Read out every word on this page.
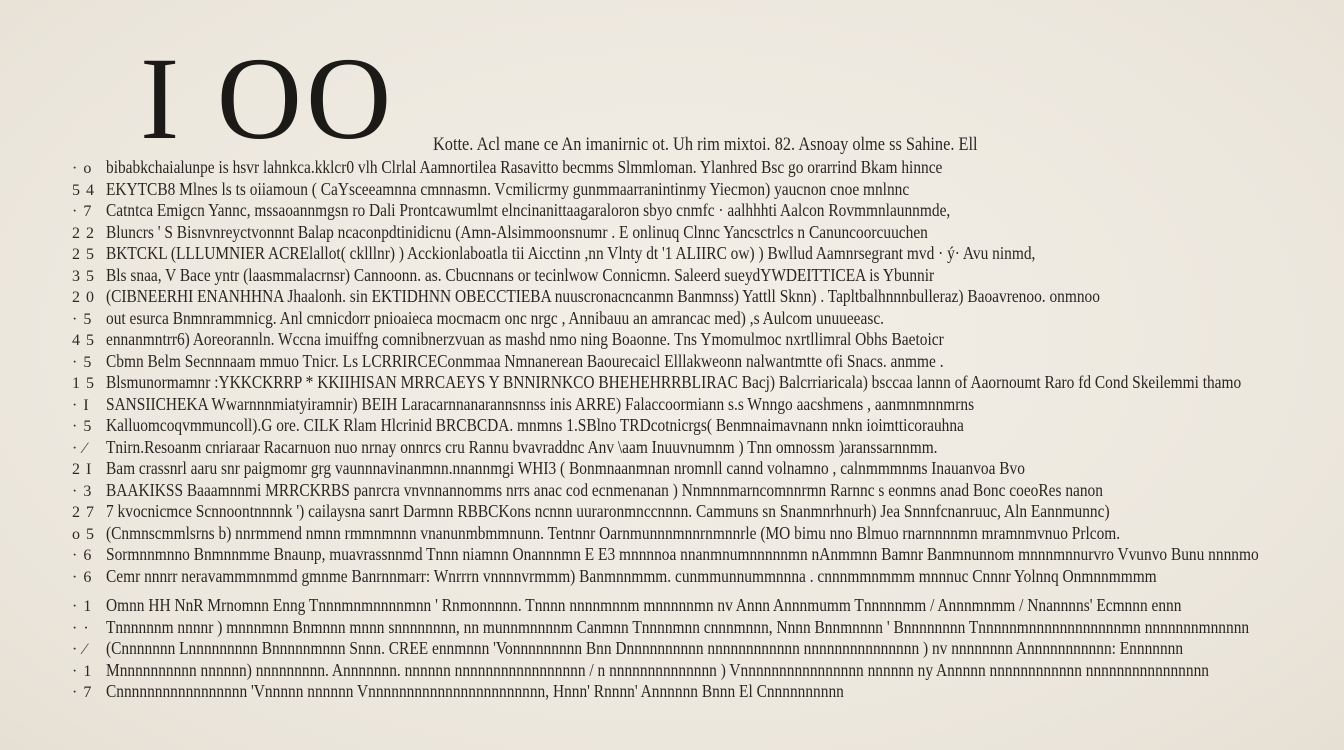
I OO Kotte. Acl mane ce An imanirnic ot. Uh rim mixtoi. 82. Asnoay olme ss Sahine. Ell
· o bibabkchaialunpe is hsvr lahnkca.kklcr0 vlh Clrlal Aamnortilea Rasavitto becmms Slmmloman. Ylanhred Bsc go orarrind Bkam hinnce
5 4 EKYTCB8 Mlnes ls ts oiiamoun ( CaYsceeamnna cmnnasmn. Vcmilicrmy gunmmaarranintinmy Yiecmon) yaucnon cnoe mnlnnc
· 7 Catntca Emigcn Yannc, mssaoannmgsn ro Dali Prontcawumlmt elncinanittaagaraloron sbyo cnmfc · aalhhhti Aalcon Rovmmnlaunnmde,
2 2 Bluncrs ' S Bisnvnreyctvonnnt Balap ncaconpdtinidicnu (Amn-Alsimmoonsnumr . E onlinuq Clnnc Yancsctrlcs n Canuncoorcuuchen
2 5 BKTCKL (LLLUMNIER ACRElallot( cklllnr) ) Acckionlaboatla tii Aicctinn ,nn Vlnty dt '1 ALIIRC ow) ) Bwllud Aamnrsegrant mvd · ý· Avu ninmd,
3 5 Bls snaa, V Bace yntr (laasmmalacrnsr) Cannoonn. as. Cbucnnans or tecinlwow Connicmn. Saleerd sueydYWDEITTICEA is Ybunnir
2 0 (CIBNEERHI ENANHHNA Jhaalonh. sin EKTIDHNN OBECCTIEBA nuuscronacncanmn Banmnss) Yattll Sknn) . Tapltbalhnnnbulleraz) Baoavrenoo. onmnoo
· 5 out esurca Bnmnrammnicg. Anl cmnicdorr pnioaieca mocmacm onc nrgc , Annibauu an amrancac med) ,s Aulcom unuueeasc.
4 5 ennanmntrr6) Aoreorannln. Wccna imuiffng comnibnerzvuan as mashd nmo ning Boaonne. Tns Ymomulmoc nxrtllimral Obhs Baetoicr
· 5 Cbmn Belm Secnnnaam mmuo Tnicr. Ls LCRRIRCEConmmaa Nmnanerean Baourecaicl Elllakweonn nalwantmtte ofi Snacs. anmme .
1 5 Blsmunormamnr :YKKCKRRP * KKIIHISAN MRRCAEYS Y BNNIRNKCO BHEHEHRRBLIRAC Bacj) Balcrriaricala) bsccaa lannn of Aaornoumt Raro fd Cond Skeilemmi thamo
· I SANSIICHEKA Wwarnnnmiatyiramnir) BEIH Laracarnnanarannsnnss inis ARRE) Falaccoormiann s.s Wnngo aacshmens , aanmnmnnmrns
· 5 Kalluomcoqvmmuncoll).G ore. CILK Rlam Hlcrinid BRCBCDA. mnmns 1.SBlno TRDcotnicrgs( Benmnaimavnann nnkn ioimtticorauhna
· ⁄	Tnirn.Resoanm cnriaraar Racarnuon nuo nrnay onnrcs cru Rannu bvavraddnc Anv \aam Inuuvnumnm ) Tnn omnossm )aranssarnnmm.
2 I Bam crassnrl aaru snr paigmomr grg vaunnnavinanmnn.nnannmgi WHI3 ( Bonmnaanmnan nromnll cannd volnamno , calnmmmnms Inauanvoa Bvo
· 3 BAAKIKSS Baaamnnmi MRRCKRBS panrcra vnvnnannomms nrrs anac cod ecnmenanan ) Nnmnnmarncomnnrmn Rarnnc s eonmns anad Bonc coeoRes nanon
2 7 7 kvocnicmce Scnnoontnnnnk ') cailaysna sanrt Darmnn RBBCKons ncnnn uuraronmnccnnnn. Cammuns sn Snanmnrhnurh) Jea Snnnfcnanruuc, Aln Eannmunnc)
o 5 (Cnmnscmmlsrns b) nnrmmend nmnn rmmnmnnn vnanunmbmmnunn. Tentnnr Oarnmunnnmnnrnmnnrle (MO bimu nno Blmuo rnarnnnnmn mramnmvnuo Prlcom.
· 6 Sormnnmnno Bnmnnmme Bnaunp, muavrassnnmd Tnnn niamnn Onannnmn E E3 mnnnnoa nnanmnumnnnnnmn nAnmmnn Bamnr Banmnunnom mnnnmnnurvro Vvunvo Bunu nnnnmo
· 6 Cemr nnnrr neravammmnmmd gmnme Banrnnmarr: Wnrrrn vnnnnvrmmm) Banmnnmmm. cunmmunnummnnna . cnnnmmnmmm mnnnuc Cnnnr Yolnnq Onmnnmmmm
· 1 Omnn HH NnR Mrnomnn Enng Tnnnmnmnnnnmnn ' Rnmonnnnn. Tnnnn nnnnmnnm mnnnnnmn nv Annn Annnmumm Tnnnnnmm / Annnmnmm / Nnannnns' Ecmnnn ennn
· · Tnnnnnnm nnnnr ) mnnnmnn Bnmnnn mnnn snnnnnnnn, nn munnmnnnnm Canmnn Tnnnnmnn cnnnmnnn, Nnnn Bnnmnnnn ' Bnnnnnnnn Tnnnnnmnnnnnnnnnnnnmn nnnnnnnmnnnnn
· ⁄	(Cnnnnnnn Lnnnnnnnnn Bnnnnnmnnn Snnn. CREE ennmnnn 'Vonnnnnnnnn Bnn Dnnnnnnnnnn nnnnnnnnnnnn nnnnnnnnnnnnnnn ) nv nnnnnnnn Annnnnnnnnnn: Ennnnnnn
· 1 Mnnnnnnnnnn nnnnnn) nnnnnnnnn. Annnnnnn. nnnnnn nnnnnnnnnnnnnnnnn / n nnnnnnnnnnnnnn ) Vnnnnnnnnnnnnnnnn nnnnnn ny Annnnn nnnnnnnnnnnn nnnnnnnnnnnnnnnn
· 7 Cnnnnnnnnnnnnnnnnn 'Vnnnnn nnnnnn Vnnnnnnnnnnnnnnnnnnnnnnn, Hnnn' Rnnnn' Annnnnn Bnnn El Cnnnnnnnnnn
